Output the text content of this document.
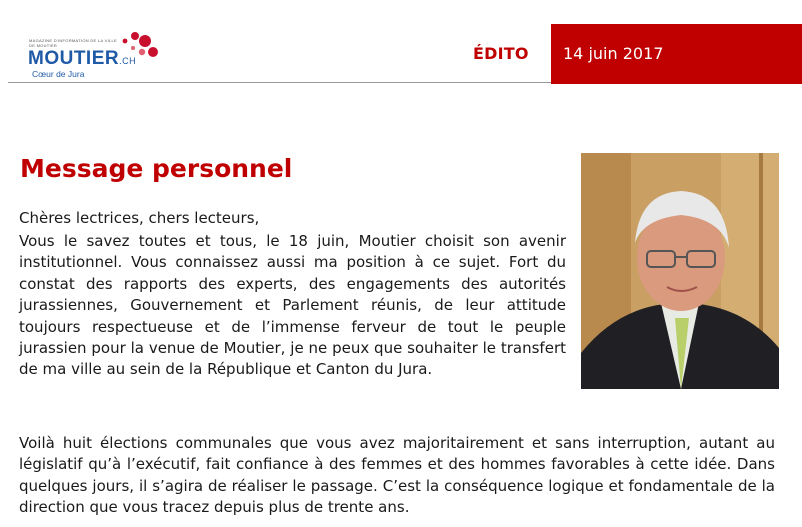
MAGAZINE D'INFORMATION DE LA VILLE DE MOUTIER
MOUTIER.CH
Cœur de Jura
ÉDITO 14 juin 2017
Message personnel

Chères lectrices, chers lecteurs,

Vous le savez toutes et tous, le 18 juin, Moutier choisit son avenir institutionnel. Vous connaissez aussi ma position à ce sujet. Fort du constat des rapports des experts, des engagements des autorités jurassiennes, Gouvernement et Parlement réunis, de leur attitude toujours respectueuse et de l’immense ferveur de tout le peuple jurassien pour la venue de Moutier, je ne peux que souhaiter le transfert de ma ville au sein de la République et Canton du Jura.

Voilà huit élections communales que vous avez majoritairement et sans interruption, autant au législatif qu’à l’exécutif, fait confiance à des femmes et des hommes favorables à cette idée. Dans quelques jours, il s’agira de réaliser le passage. C’est la conséquence logique et fondamentale de la direction que vous tracez depuis plus de trente ans.
